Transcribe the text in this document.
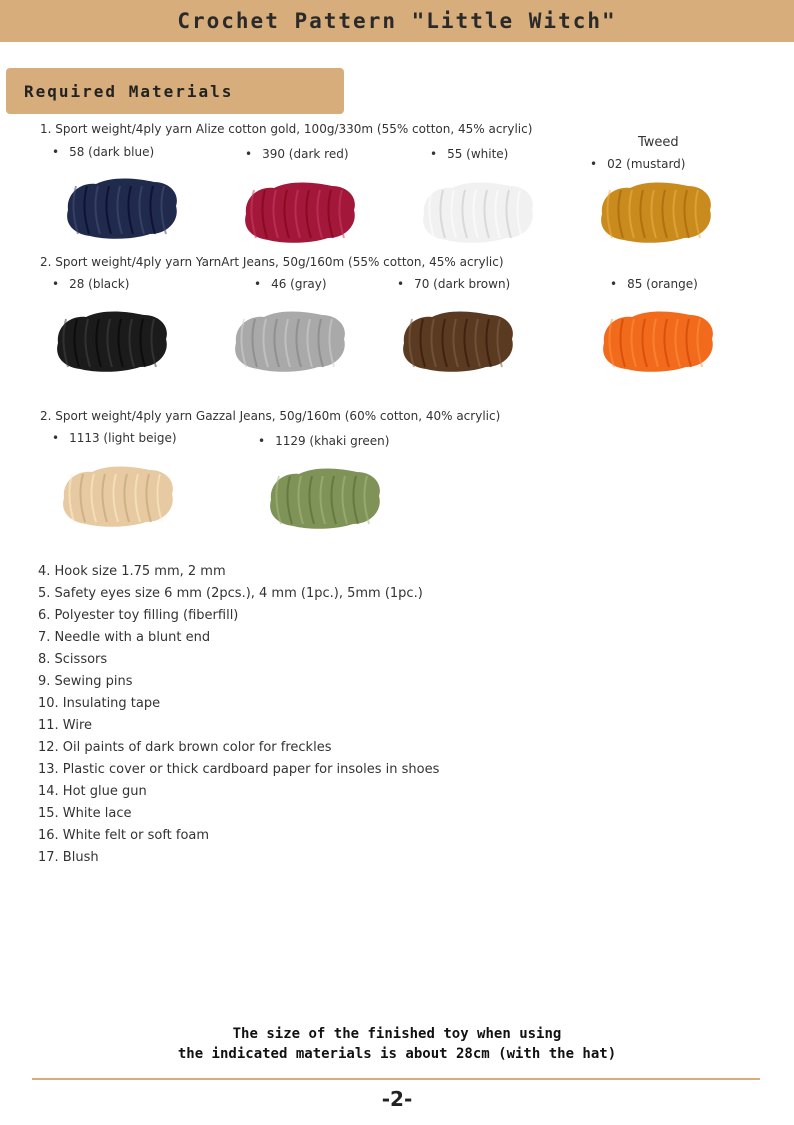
Crochet Pattern "Little Witch"
Required Materials
1. Sport weight/4ply yarn Alize cotton gold, 100g/330m (55% cotton, 45% acrylic)
Tweed
• 58 (dark blue)	• 390 (dark red)	• 55 (white)
• 02 (mustard)
2. Sport weight/4ply yarn YarnArt Jeans, 50g/160m (55% cotton, 45% acrylic)
• 28 (black)	• 46 (gray)	• 70 (dark brown)	• 85 (orange)
2. Sport weight/4ply yarn Gazzal Jeans, 50g/160m (60% cotton, 40% acrylic)
• 1113 (light beige)	• 1129 (khaki green)
4. Hook size 1.75 mm, 2 mm
5. Safety eyes size 6 mm (2pcs.), 4 mm (1pc.), 5mm (1pc.)
6. Polyester toy filling (fiberfill)
7. Needle with a blunt end
8. Scissors
9. Sewing pins
10. Insulating tape
11. Wire
12. Oil paints of dark brown color for freckles
13. Plastic cover or thick cardboard paper for insoles in shoes
14. Hot glue gun
15. White lace
16. White felt or soft foam
17. Blush
The size of the finished toy when using
the indicated materials is about 28cm (with the hat)
-2-
